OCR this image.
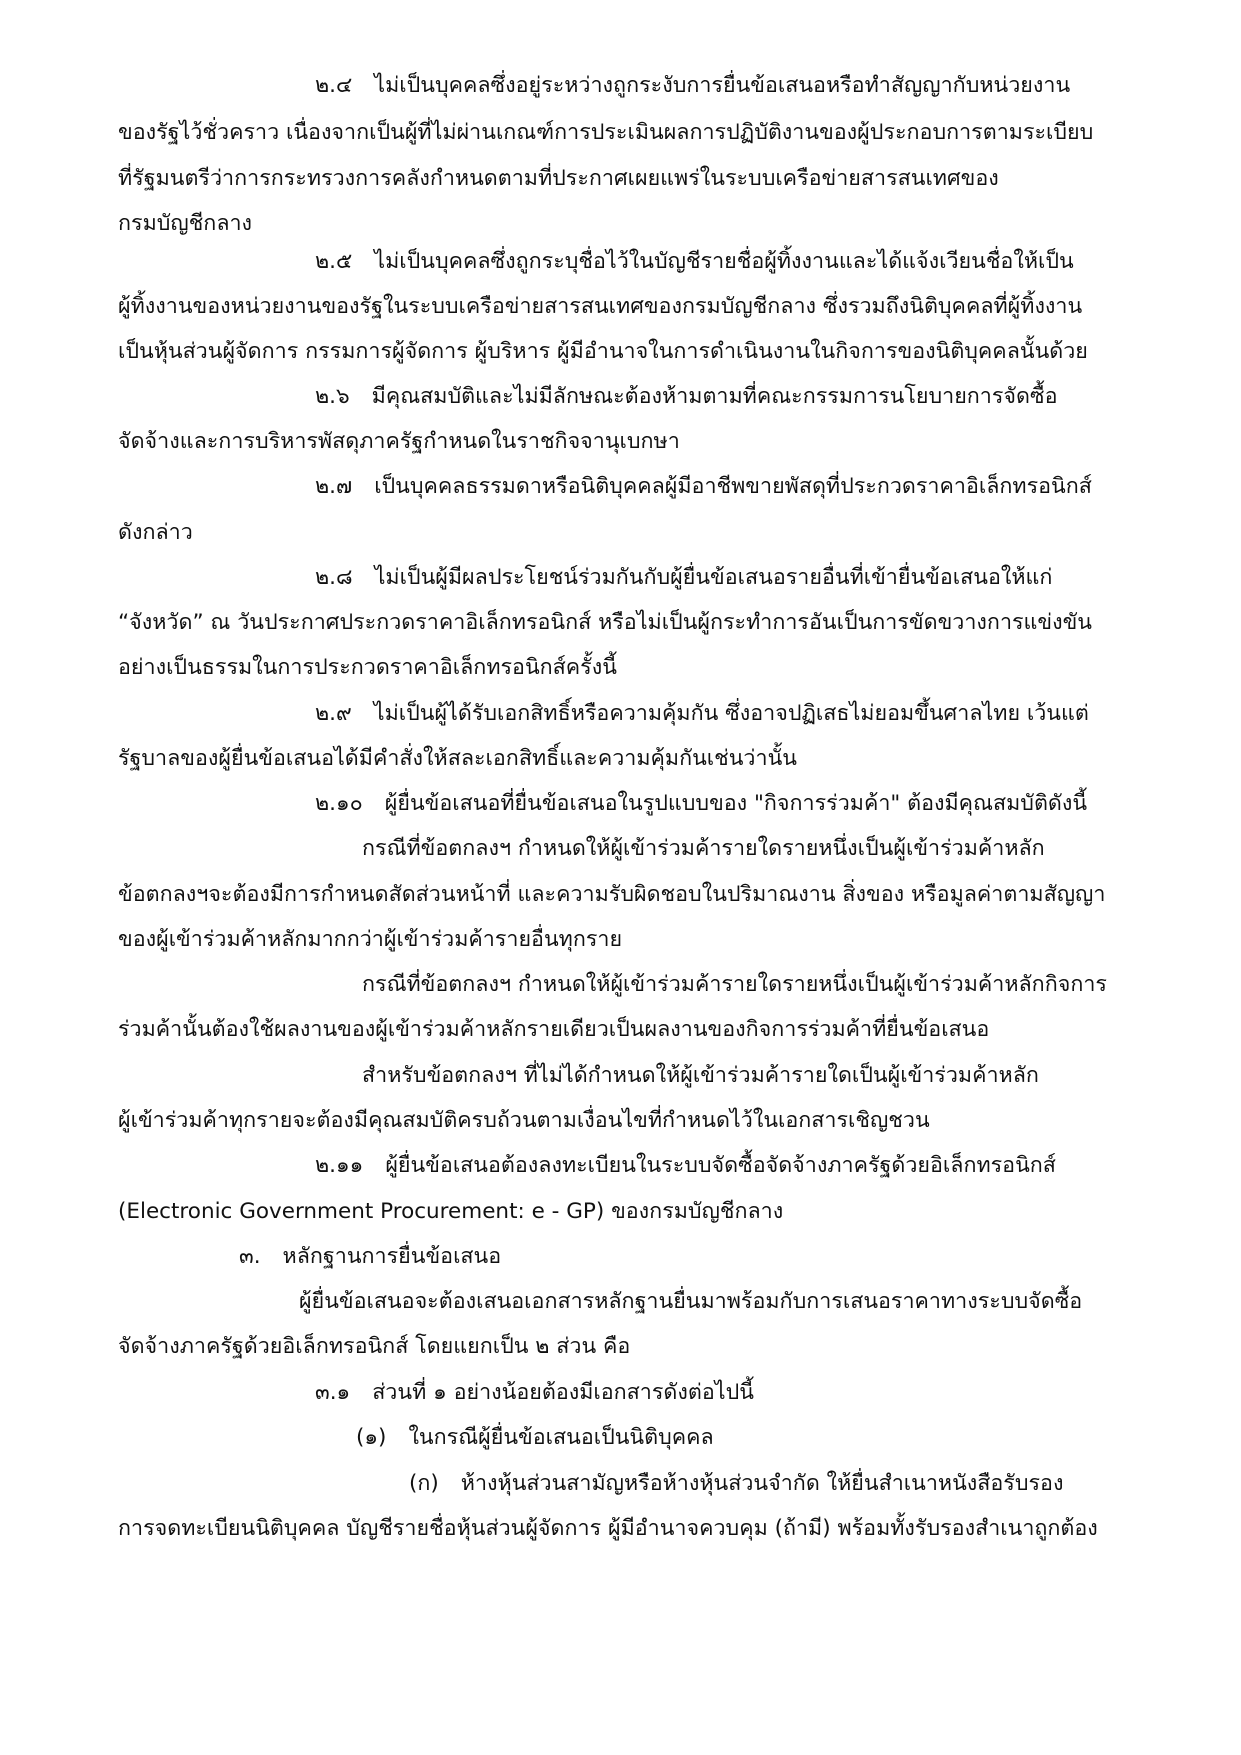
๒.๔ ไม่เป็นบุคคลซึ่งอยู่ระหว่างถูกระงับการยื่นข้อเสนอหรือทำสัญญากับหน่วยงาน
ของรัฐไว้ชั่วคราว เนื่องจากเป็นผู้ที่ไม่ผ่านเกณฑ์การประเมินผลการปฏิบัติงานของผู้ประกอบการตามระเบียบ
ที่รัฐมนตรีว่าการกระทรวงการคลังกำหนดตามที่ประกาศเผยแพร่ในระบบเครือข่ายสารสนเทศของ
กรมบัญชีกลาง
๒.๕ ไม่เป็นบุคคลซึ่งถูกระบุชื่อไว้ในบัญชีรายชื่อผู้ทิ้งงานและได้แจ้งเวียนชื่อให้เป็น
ผู้ทิ้งงานของหน่วยงานของรัฐในระบบเครือข่ายสารสนเทศของกรมบัญชีกลาง ซึ่งรวมถึงนิติบุคคลที่ผู้ทิ้งงาน
เป็นหุ้นส่วนผู้จัดการ กรรมการผู้จัดการ ผู้บริหาร ผู้มีอำนาจในการดำเนินงานในกิจการของนิติบุคคลนั้นด้วย
๒.๖ มีคุณสมบัติและไม่มีลักษณะต้องห้ามตามที่คณะกรรมการนโยบายการจัดซื้อ
จัดจ้างและการบริหารพัสดุภาครัฐกำหนดในราชกิจจานุเบกษา
๒.๗ เป็นบุคคลธรรมดาหรือนิติบุคคลผู้มีอาชีพขายพัสดุที่ประกวดราคาอิเล็กทรอนิกส์
ดังกล่าว
๒.๘ ไม่เป็นผู้มีผลประโยชน์ร่วมกันกับผู้ยื่นข้อเสนอรายอื่นที่เข้ายื่นข้อเสนอให้แก่
“จังหวัด” ณ วันประกาศประกวดราคาอิเล็กทรอนิกส์ หรือไม่เป็นผู้กระทำการอันเป็นการขัดขวางการแข่งขัน
อย่างเป็นธรรมในการประกวดราคาอิเล็กทรอนิกส์ครั้งนี้
๒.๙ ไม่เป็นผู้ได้รับเอกสิทธิ์หรือความคุ้มกัน ซึ่งอาจปฏิเสธไม่ยอมขึ้นศาลไทย เว้นแต่
รัฐบาลของผู้ยื่นข้อเสนอได้มีคำสั่งให้สละเอกสิทธิ์และความคุ้มกันเช่นว่านั้น
๒.๑๐ ผู้ยื่นข้อเสนอที่ยื่นข้อเสนอในรูปแบบของ "กิจการร่วมค้า" ต้องมีคุณสมบัติดังนี้
กรณีที่ข้อตกลงฯ กำหนดให้ผู้เข้าร่วมค้ารายใดรายหนึ่งเป็นผู้เข้าร่วมค้าหลัก
ข้อตกลงฯจะต้องมีการกำหนดสัดส่วนหน้าที่ และความรับผิดชอบในปริมาณงาน สิ่งของ หรือมูลค่าตามสัญญา
ของผู้เข้าร่วมค้าหลักมากกว่าผู้เข้าร่วมค้ารายอื่นทุกราย
กรณีที่ข้อตกลงฯ กำหนดให้ผู้เข้าร่วมค้ารายใดรายหนึ่งเป็นผู้เข้าร่วมค้าหลักกิจการ
ร่วมค้านั้นต้องใช้ผลงานของผู้เข้าร่วมค้าหลักรายเดียวเป็นผลงานของกิจการร่วมค้าที่ยื่นข้อเสนอ
สำหรับข้อตกลงฯ ที่ไม่ได้กำหนดให้ผู้เข้าร่วมค้ารายใดเป็นผู้เข้าร่วมค้าหลัก
ผู้เข้าร่วมค้าทุกรายจะต้องมีคุณสมบัติครบถ้วนตามเงื่อนไขที่กำหนดไว้ในเอกสารเชิญชวน
๒.๑๑ ผู้ยื่นข้อเสนอต้องลงทะเบียนในระบบจัดซื้อจัดจ้างภาครัฐด้วยอิเล็กทรอนิกส์
(Electronic Government Procurement: e - GP) ของกรมบัญชีกลาง
๓. หลักฐานการยื่นข้อเสนอ
ผู้ยื่นข้อเสนอจะต้องเสนอเอกสารหลักฐานยื่นมาพร้อมกับการเสนอราคาทางระบบจัดซื้อ
จัดจ้างภาครัฐด้วยอิเล็กทรอนิกส์ โดยแยกเป็น ๒ ส่วน คือ
๓.๑ ส่วนที่ ๑ อย่างน้อยต้องมีเอกสารดังต่อไปนี้
(๑) ในกรณีผู้ยื่นข้อเสนอเป็นนิติบุคคล
(ก) ห้างหุ้นส่วนสามัญหรือห้างหุ้นส่วนจำกัด ให้ยื่นสำเนาหนังสือรับรอง
การจดทะเบียนนิติบุคคล บัญชีรายชื่อหุ้นส่วนผู้จัดการ ผู้มีอำนาจควบคุม (ถ้ามี) พร้อมทั้งรับรองสำเนาถูกต้อง
